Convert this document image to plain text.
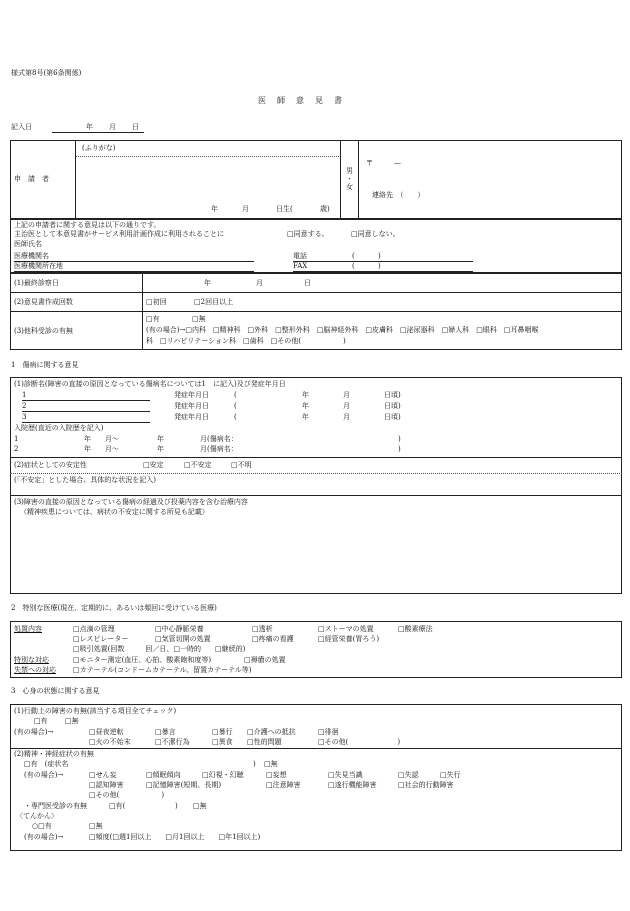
様式第8号(第6条関係)
医師意見書
記入日	年 月 日
(ふりがな)
申　請　者
男
・
女
〒　　　—
連絡先　（　　）
年	月	日生(	歳)
上記の申請者に関する意見は以下の通りです。
主治医として本意見書がサービス利用計画作成に利用されることに	□同意する。	□同意しない。
医師氏名
医療機関名
医療機関所在地
電話	(	)
FAX	(	)
(1)最終診察日	年	月	日
(2)意見書作成回数	□初回	□2回目以上
(3)他科受診の有無
□有	□無
(有の場合)→□内科　□精神科　□外科　□整形外科　□脳神経外科　□皮膚科　□泌尿器科　□婦人科　□眼科　□耳鼻咽喉
科　□リハビリテーション科　□歯科　□その他(　　　　　　)
1　傷病に関する意見
(1)診断名(障害の直接の原因となっている傷病名については1　に記入)及び発症年月日
1	発症年月日	(	年	月	日頃)
2	発症年月日	(	年	月	日頃)
3	発症年月日	(	年	月	日頃)
入院歴(直近の入院歴を記入)
1	年　　月～	年	月(傷病名：	)
2	年　　月～	年	月(傷病名：	)
(2)症状としての安定性	□安定	□不安定	□不明
(「不安定」とした場合、具体的な状況を記入)
(3)障害の直接の原因となっている傷病の経過及び投薬内容を含む治療内容
（精神疾患については、病状の不安定に関する所見も記載）
2　特別な医療(現在、定期的に、あるいは頻回に受けている医療)
処置内容	□点滴の管理	□中心静脈栄養	□透析	□ストーマの処置	□酸素療法
□レスピレーター	□気管切開の処置	□疼痛の看護	□経管栄養(胃ろう)
□吸引処置(回数　　　回／日、□一時的　　□継続的)
特別な対応	□モニター測定(血圧、心拍、酸素飽和度等)	□褥瘡の処置
失禁への対応 □カテーテル(コンドームカテーテル、留置カテーテル等)
3　心身の状態に関する意見
(1)行動上の障害の有無(該当する項目全てチェック)
□有 □無
(有の場合)→	□昼夜逆転	□暴言	□暴行 □介護への抵抗	□徘徊
□火の不始末	□不潔行為	□異食 □性的問題	□その他(　　　　　　　)
(2)精神・神経症状の有無
□有　(症状名	) □無
(有の場合)→	□せん妄	□傾眠傾向	□幻視・幻聴	□妄想	□失見当識	□失認	□失行
□認知障害	□記憶障害(短期、長期)	□注意障害	□遂行機能障害	□社会的行動障害
□その他(　　　　　　)
・専門医受診の有無	□有(	) □無
〈てんかん〉
○□有	□無
(有の場合)→	□頻度(□週1回以上　　□月1回以上　　□年1回以上)
